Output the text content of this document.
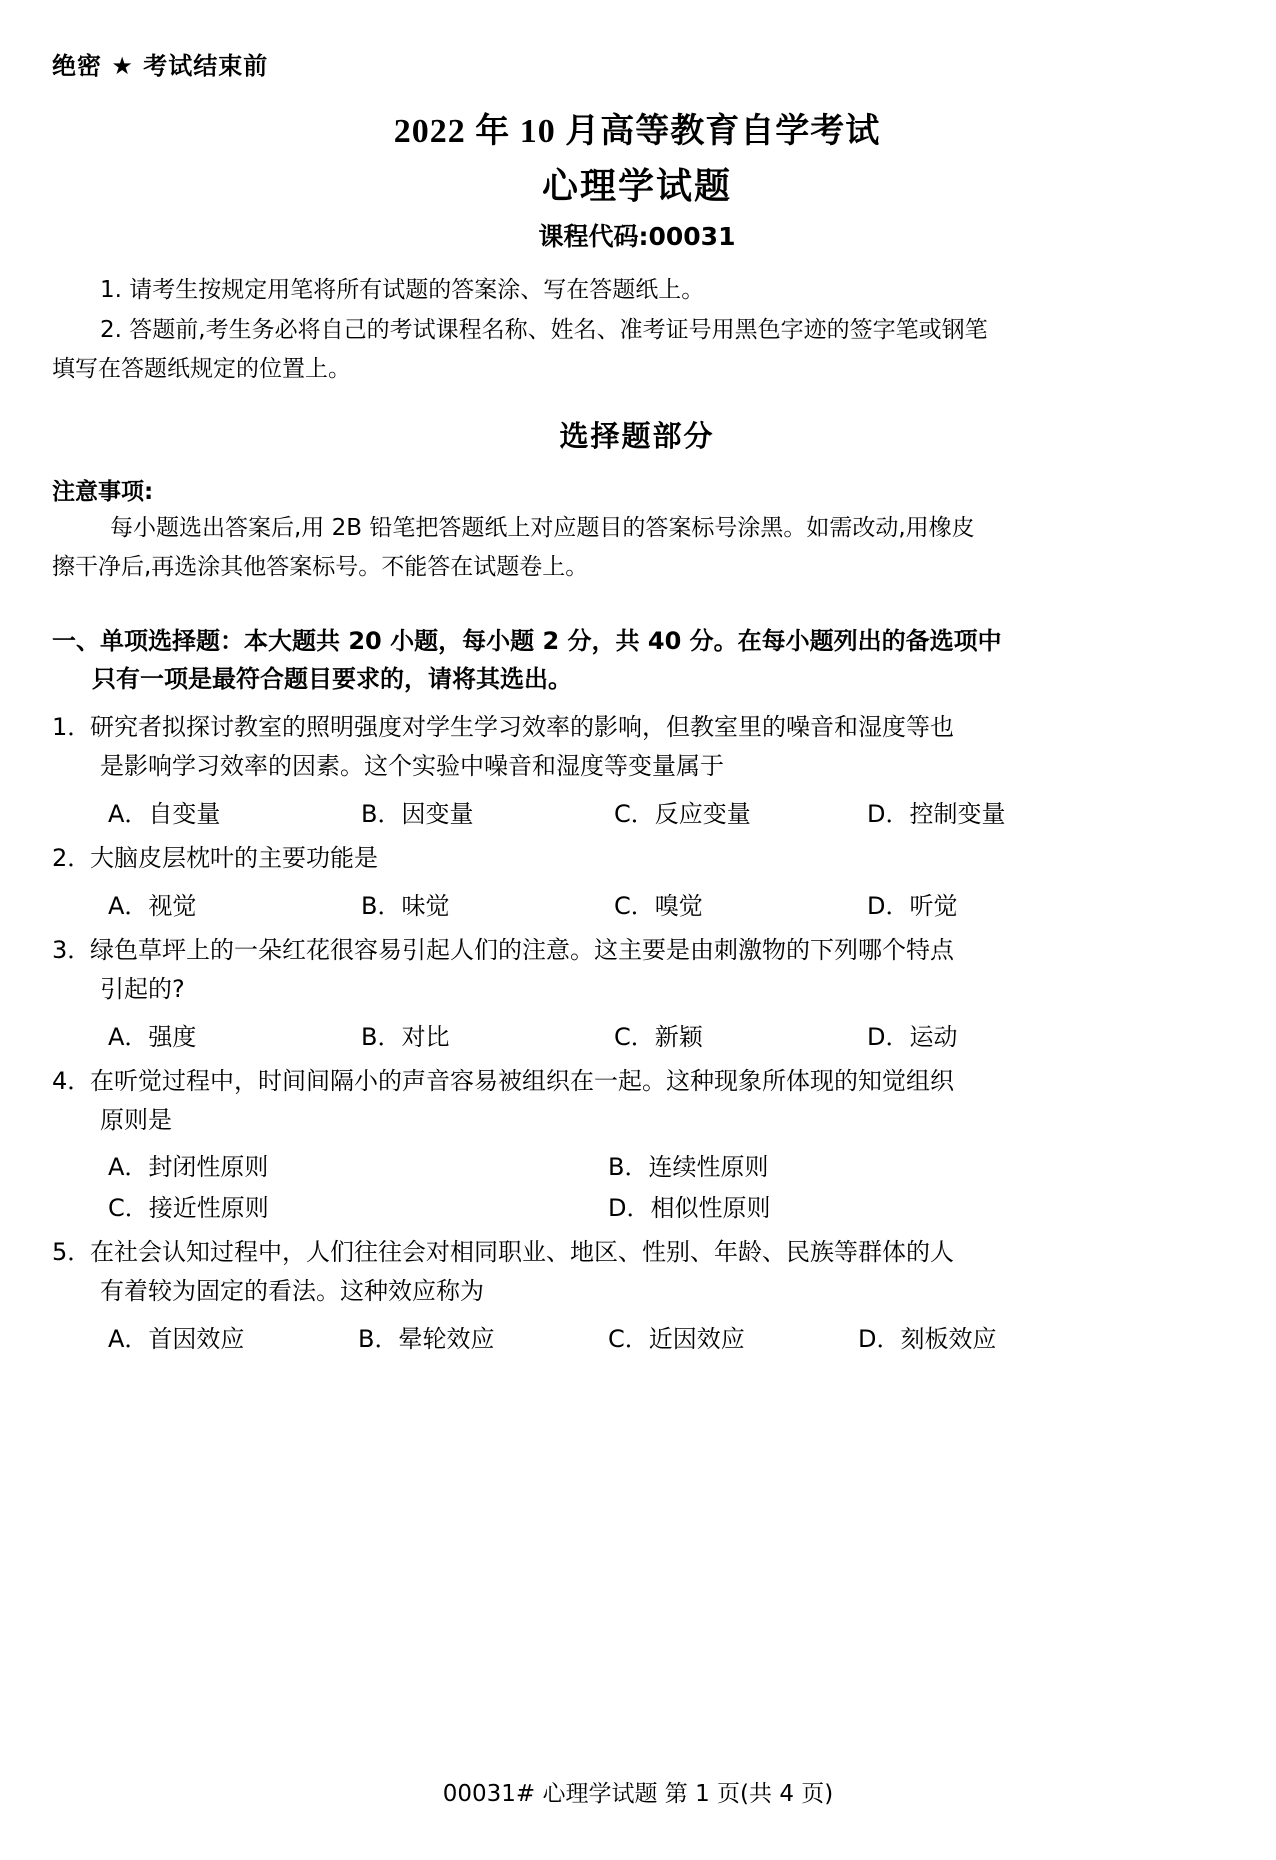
绝密 ★ 考试结束前
2022 年 10 月高等教育自学考试
心理学试题
课程代码:00031
1. 请考生按规定用笔将所有试题的答案涂、写在答题纸上。
2. 答题前,考生务必将自己的考试课程名称、姓名、准考证号用黑色字迹的签字笔或钢笔
填写在答题纸规定的位置上。
选择题部分
注意事项:
每小题选出答案后,用 2B 铅笔把答题纸上对应题目的答案标号涂黑。如需改动,用橡皮
擦干净后,再选涂其他答案标号。不能答在试题卷上。
一、单项选择题：本大题共 20 小题，每小题 2 分，共 40 分。在每小题列出的备选项中
只有一项是最符合题目要求的，请将其选出。
1．研究者拟探讨教室的照明强度对学生学习效率的影响，但教室里的噪音和湿度等也
是影响学习效率的因素。这个实验中噪音和湿度等变量属于
A．自变量	B．因变量	C．反应变量	D．控制变量
2．大脑皮层枕叶的主要功能是
A．视觉	B．味觉	C．嗅觉	D．听觉
3．绿色草坪上的一朵红花很容易引起人们的注意。这主要是由刺激物的下列哪个特点
引起的?
A．强度	B．对比	C．新颖	D．运动
4．在听觉过程中，时间间隔小的声音容易被组织在一起。这种现象所体现的知觉组织
原则是
A．封闭性原则	B．连续性原则
C．接近性原则	D．相似性原则
5．在社会认知过程中，人们往往会对相同职业、地区、性别、年龄、民族等群体的人
有着较为固定的看法。这种效应称为
A．首因效应	B．晕轮效应	C．近因效应	D．刻板效应
00031# 心理学试题 第 1 页(共 4 页)
